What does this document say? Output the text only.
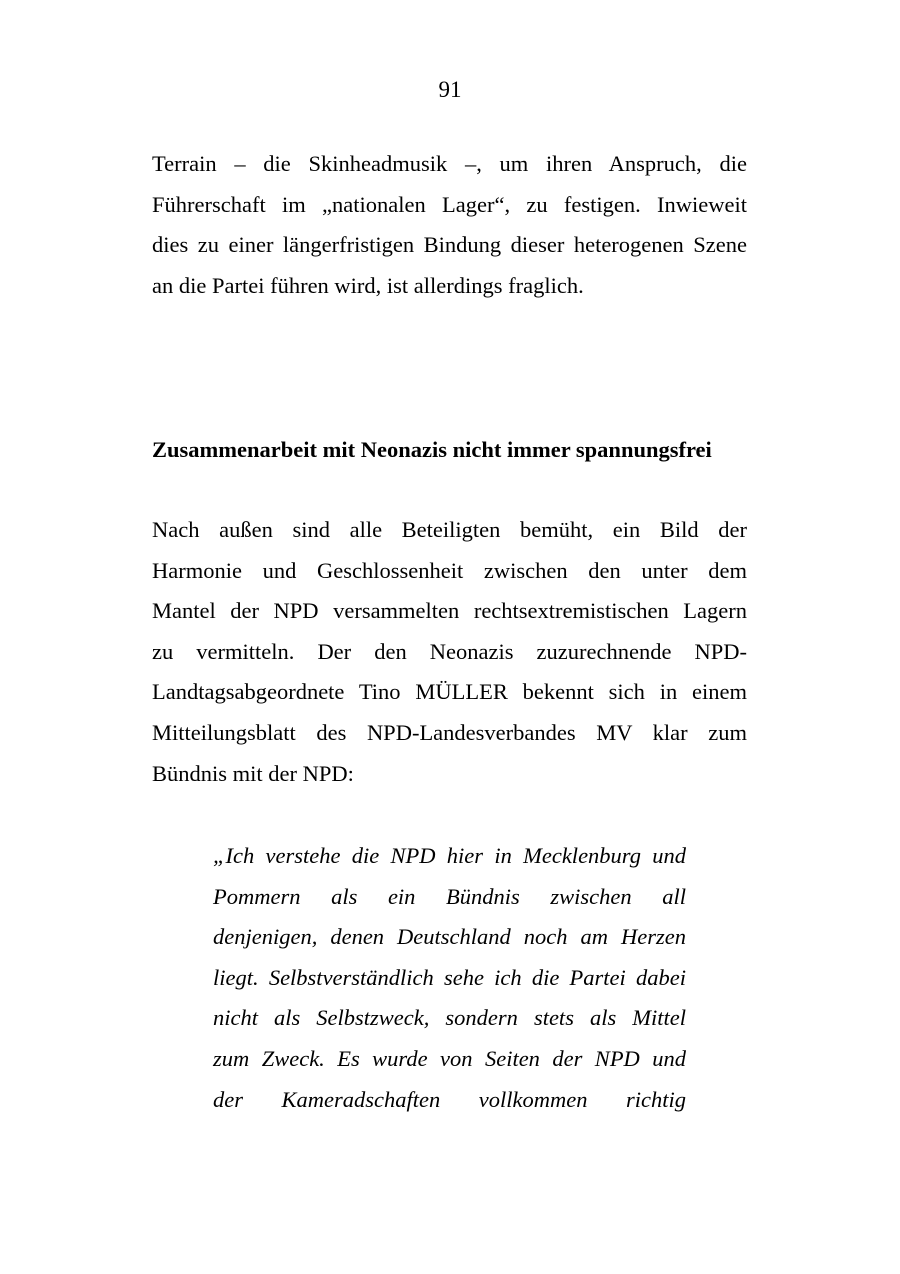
91
Terrain – die Skinheadmusik –, um ihren Anspruch, die
Führerschaft im „nationalen Lager“, zu festigen. Inwieweit
dies zu einer längerfristigen Bindung dieser heterogenen Szene
an die Partei führen wird, ist allerdings fraglich.
Zusammenarbeit mit Neonazis nicht immer spannungsfrei
Nach außen sind alle Beteiligten bemüht, ein Bild der
Harmonie und Geschlossenheit zwischen den unter dem
Mantel der NPD versammelten rechtsextremistischen Lagern
zu vermitteln. Der den Neonazis zuzurechnende NPD-
Landtagsabgeordnete Tino MÜLLER bekennt sich in einem
Mitteilungsblatt des NPD-Landesverbandes MV klar zum
Bündnis mit der NPD:
„Ich verstehe die NPD hier in Mecklenburg und
Pommern als ein Bündnis zwischen all
denjenigen, denen Deutschland noch am Herzen
liegt. Selbstverständlich sehe ich die Partei dabei
nicht als Selbstzweck, sondern stets als Mittel
zum Zweck. Es wurde von Seiten der NPD und
der Kameradschaften vollkommen richtig
